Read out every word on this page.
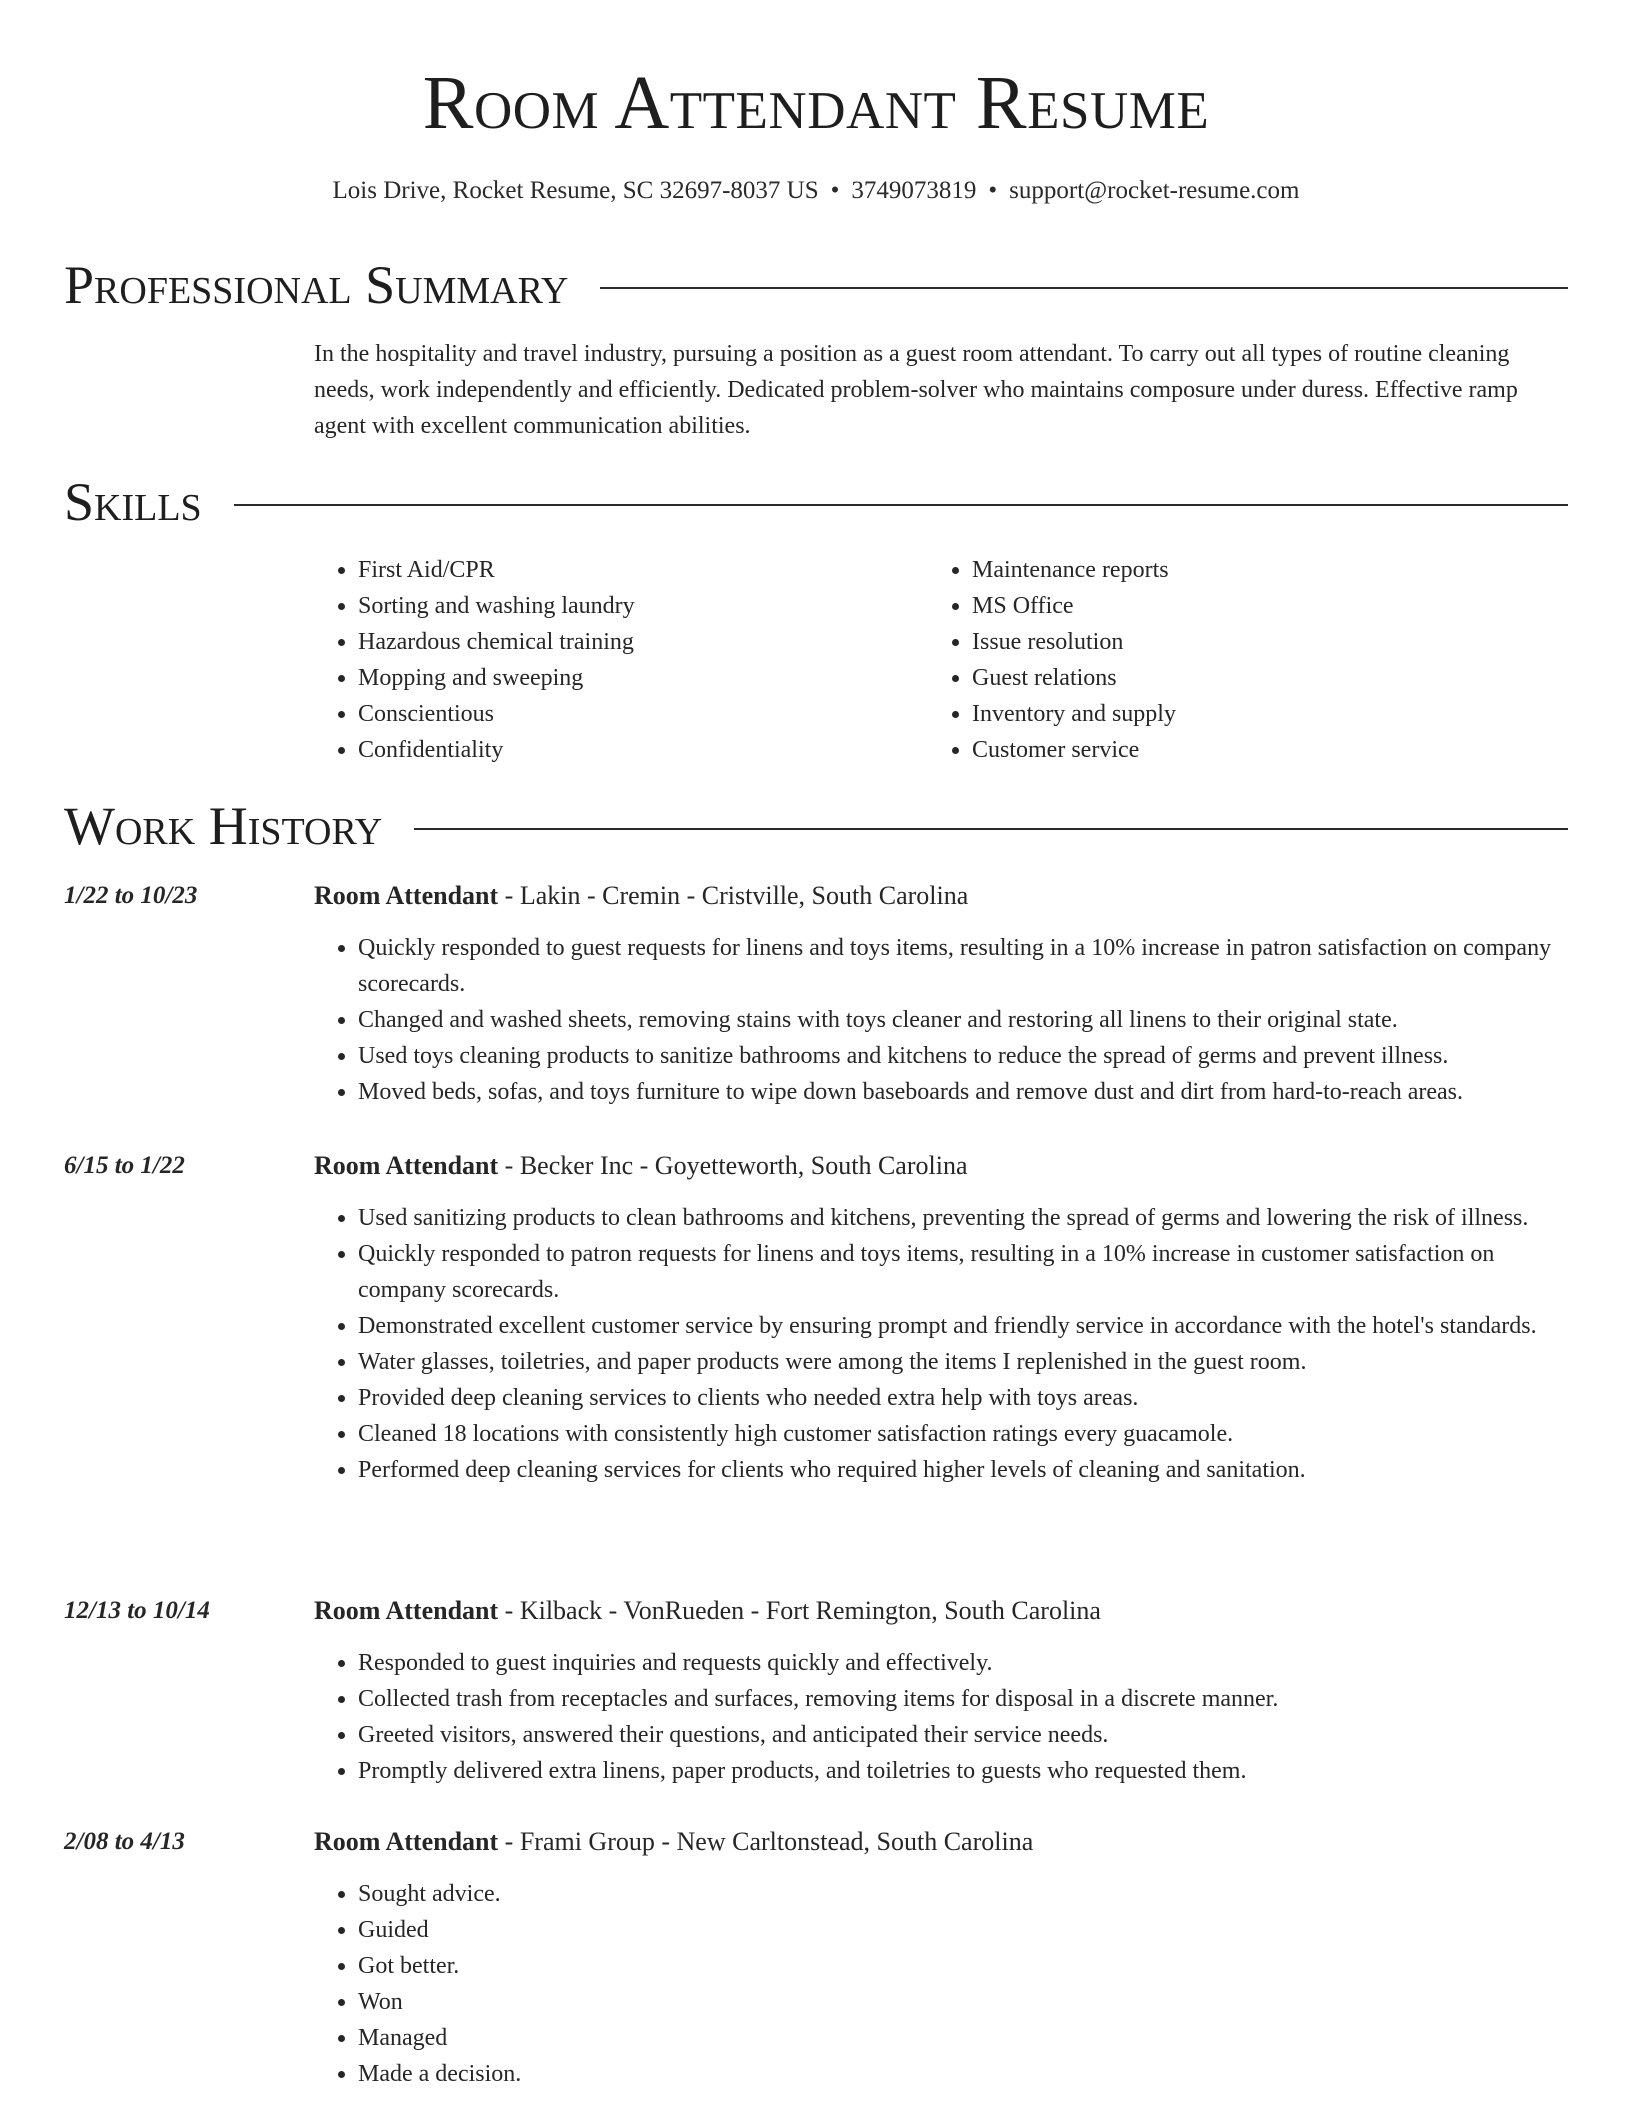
Room Attendant Resume
Lois Drive, Rocket Resume, SC 32697-8037 US • 3749073819 • support@rocket-resume.com
Professional Summary

In the hospitality and travel industry, pursuing a position as a guest room attendant. To carry out all types of routine cleaning needs, work independently and efficiently. Dedicated problem-solver who maintains composure under duress. Effective ramp agent with excellent communication abilities.

Skills
• First Aid/CPR
• Sorting and washing laundry
• Hazardous chemical training
• Mopping and sweeping
• Conscientious
• Confidentiality
• Maintenance reports
• MS Office
• Issue resolution
• Guest relations
• Inventory and supply
• Customer service
Work History
1/22 to 10/23	Room Attendant - Lakin - Cremin - Cristville, South Carolina
• Quickly responded to guest requests for linens and toys items, resulting in a 10% increase in patron satisfaction on company scorecards.
• Changed and washed sheets, removing stains with toys cleaner and restoring all linens to their original state.
• Used toys cleaning products to sanitize bathrooms and kitchens to reduce the spread of germs and prevent illness.
• Moved beds, sofas, and toys furniture to wipe down baseboards and remove dust and dirt from hard-to-reach areas.
6/15 to 1/22	Room Attendant - Becker Inc - Goyetteworth, South Carolina
• Used sanitizing products to clean bathrooms and kitchens, preventing the spread of germs and lowering the risk of illness.
• Quickly responded to patron requests for linens and toys items, resulting in a 10% increase in customer satisfaction on company scorecards.
• Demonstrated excellent customer service by ensuring prompt and friendly service in accordance with the hotel's standards.
• Water glasses, toiletries, and paper products were among the items I replenished in the guest room.
• Provided deep cleaning services to clients who needed extra help with toys areas.
• Cleaned 18 locations with consistently high customer satisfaction ratings every guacamole.
• Performed deep cleaning services for clients who required higher levels of cleaning and sanitation.
12/13 to 10/14	Room Attendant - Kilback - VonRueden - Fort Remington, South Carolina
• Responded to guest inquiries and requests quickly and effectively.
• Collected trash from receptacles and surfaces, removing items for disposal in a discrete manner.
• Greeted visitors, answered their questions, and anticipated their service needs.
• Promptly delivered extra linens, paper products, and toiletries to guests who requested them.
2/08 to 4/13	Room Attendant - Frami Group - New Carltonstead, South Carolina
• Sought advice.
• Guided
• Got better.
• Won
• Managed
• Made a decision.
